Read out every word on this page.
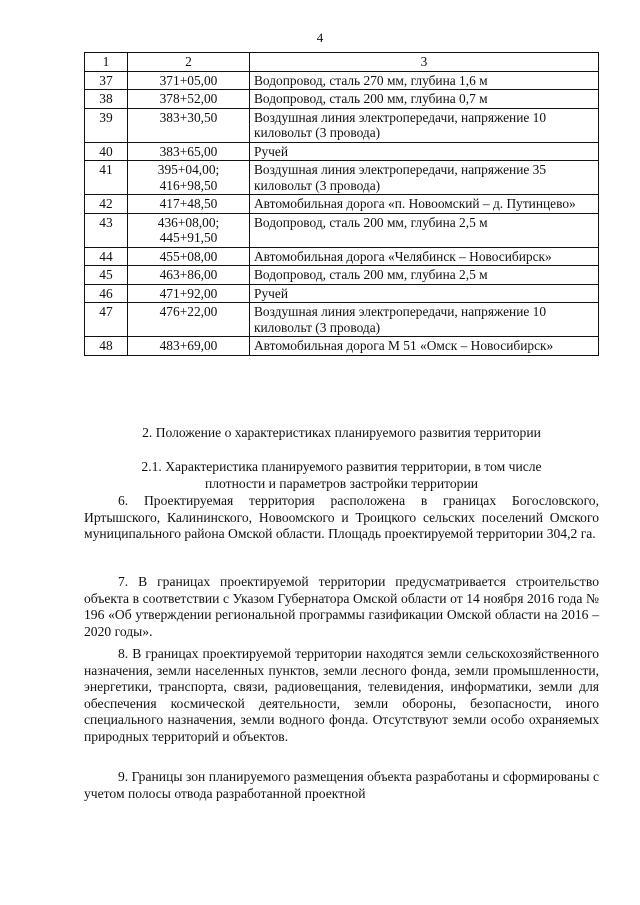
4
1	2	3
37	371+05,00	Водопровод, сталь 270 мм, глубина 1,6 м
38	378+52,00	Водопровод, сталь 200 мм, глубина 0,7 м
39	383+30,50	Воздушная линия электропередачи, напряжение 10 киловольт (3 провода)
40	383+65,00	Ручей
41	395+04,00; 416+98,50	Воздушная линия электропередачи, напряжение 35 киловольт (3 провода)
42	417+48,50	Автомобильная дорога «п. Новоомский – д. Путинцево»
43	436+08,00; 445+91,50	Водопровод, сталь 200 мм, глубина 2,5 м
44	455+08,00	Автомобильная дорога «Челябинск – Новосибирск»
45	463+86,00	Водопровод, сталь 200 мм, глубина 2,5 м
46	471+92,00	Ручей
47	476+22,00	Воздушная линия электропередачи, напряжение 10 киловольт (3 провода)
48	483+69,00	Автомобильная дорога М 51 «Омск – Новосибирск»
2. Положение о характеристиках планируемого развития территории
2.1. Характеристика планируемого развития территории, в том числе плотности и параметров застройки территории

6. Проектируемая территория расположена в границах Богословского, Иртышского, Калининского, Новоомского и Троицкого сельских поселений Омского муниципального района Омской области. Площадь проектируемой территории 304,2 га.

7. В границах проектируемой территории предусматривается строительство объекта в соответствии с Указом Губернатора Омской области от 14 ноября 2016 года № 196 «Об утверждении региональной программы газификации Омской области на 2016 – 2020 годы».

8. В границах проектируемой территории находятся земли сельскохозяйственного назначения, земли населенных пунктов, земли лесного фонда, земли промышленности, энергетики, транспорта, связи, радиовещания, телевидения, информатики, земли для обеспечения космической деятельности, земли обороны, безопасности, иного специального назначения, земли водного фонда. Отсутствуют земли особо охраняемых природных территорий и объектов.

9. Границы зон планируемого размещения объекта разработаны и сформированы с учетом полосы отвода разработанной проектной
